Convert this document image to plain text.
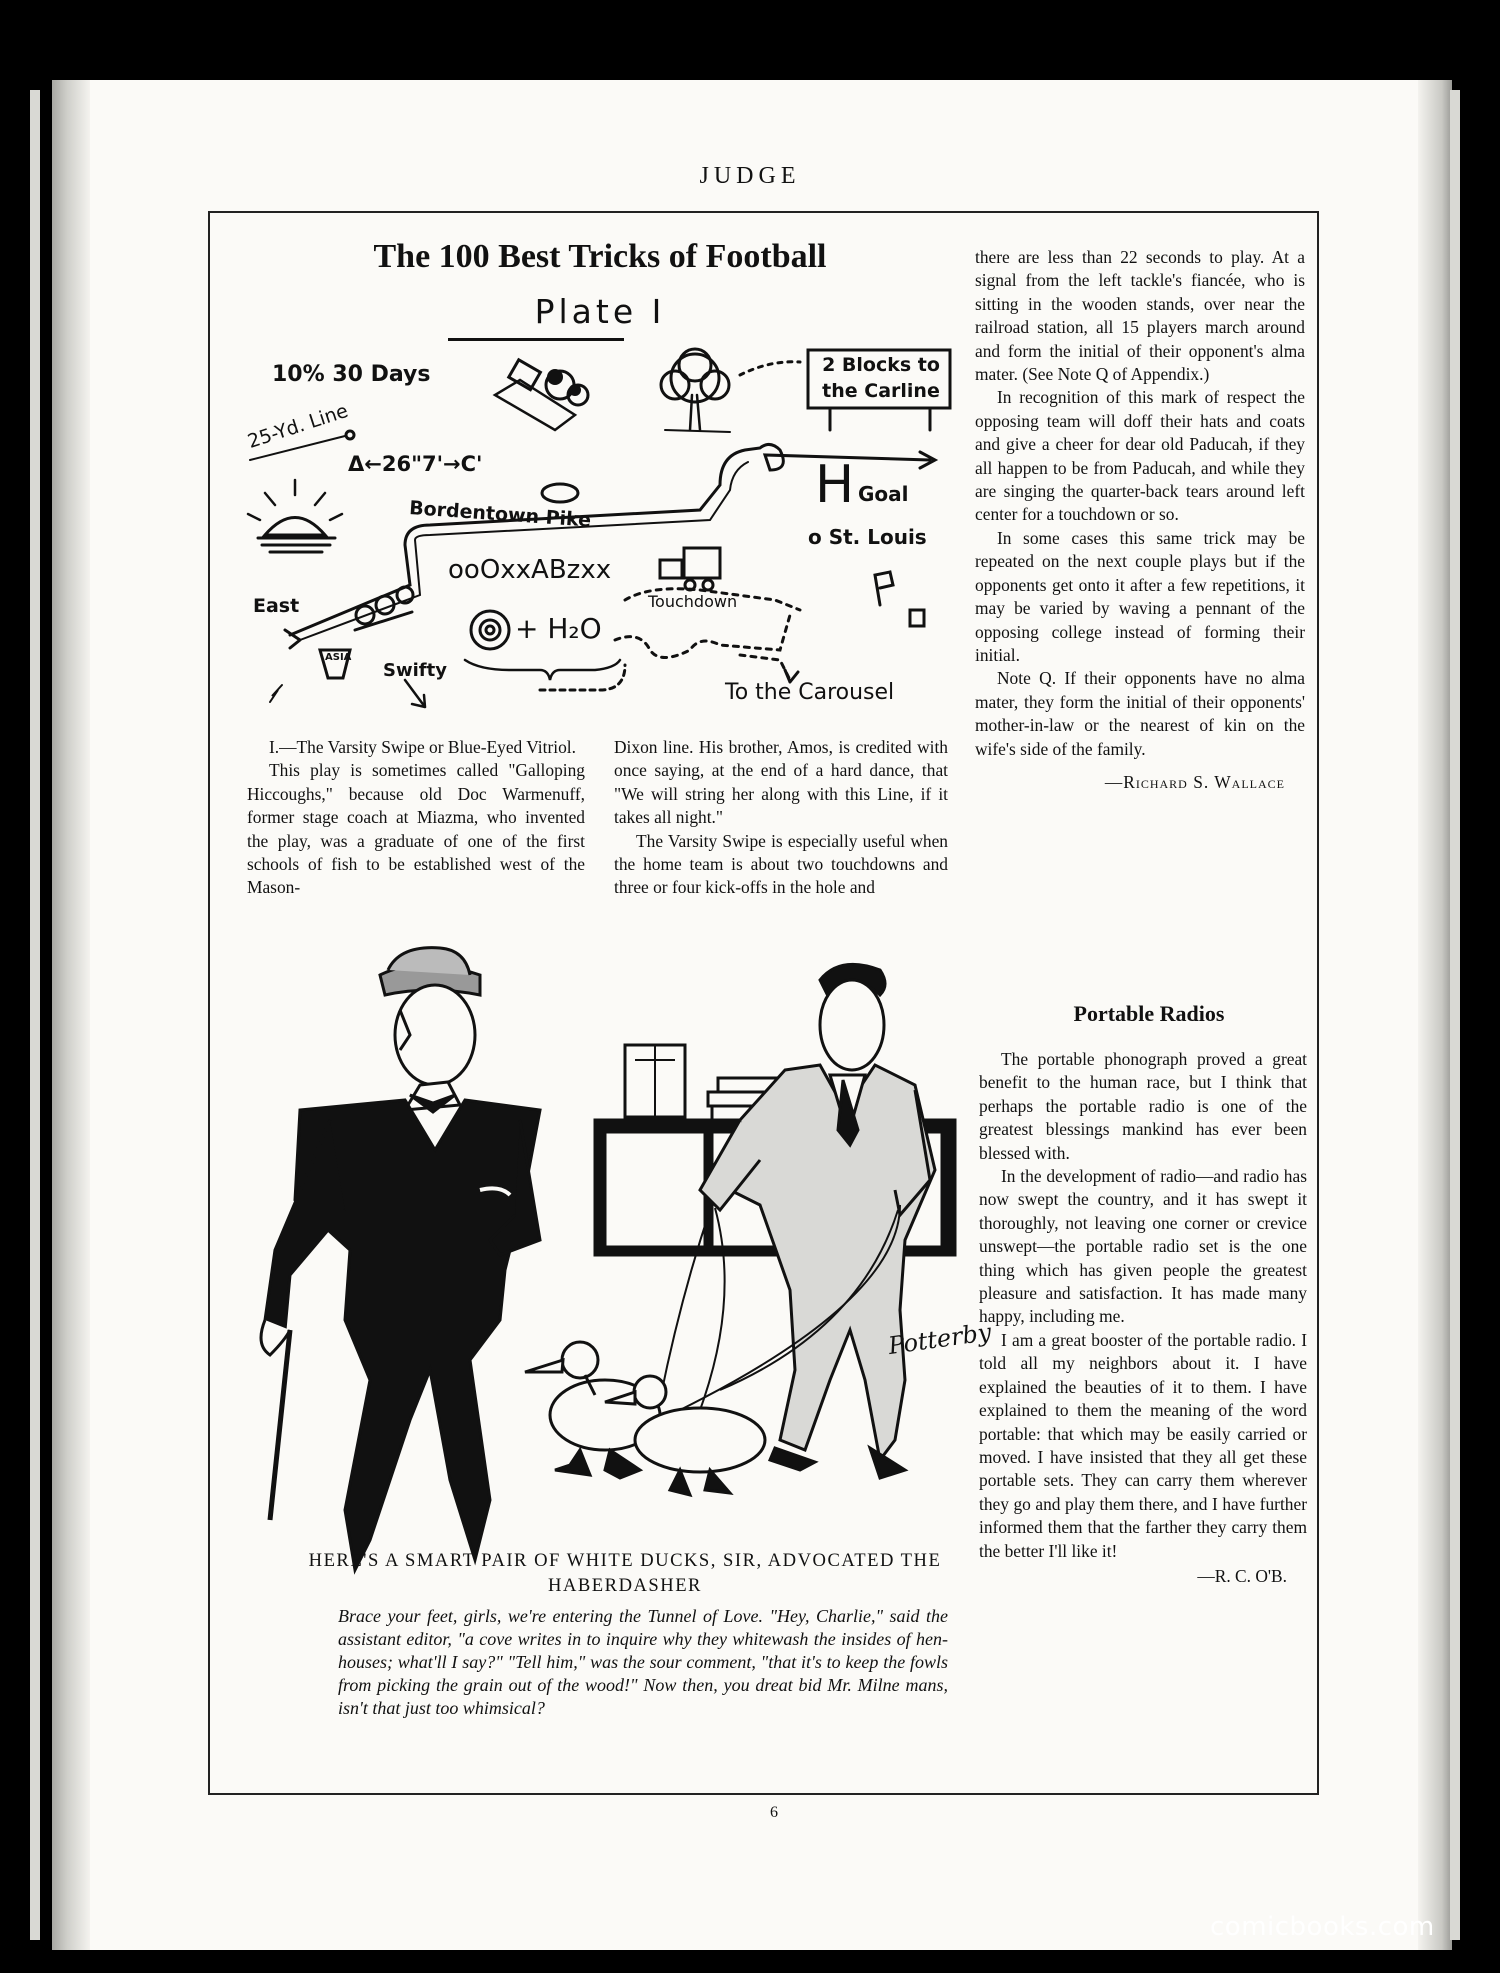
JUDGE
The 100 Best Tricks of Football
Plate I
10% 30 Days
25-Yd. Line
Δ←26"7'→C'
2 Blocks to the Carline
H Goal
o St. Louis
Bordentown Pike
ooOxxABzxx
Touchdown
East
+ H₂O
Swifty
ASIA
To the Carousel

I.—The Varsity Swipe or Blue-Eyed Vitriol.

This play is sometimes called "Galloping Hiccoughs," because old Doc Warmenuff, former stage coach at Miazma, who invented the play, was a graduate of one of the first schools of fish to be established west of the Mason-

Dixon line. His brother, Amos, is credited with once saying, at the end of a hard dance, that "We will string her along with this Line, if it takes all night."

The Varsity Swipe is especially useful when the home team is about two touchdowns and three or four kick-offs in the hole and

there are less than 22 seconds to play. At a signal from the left tackle's fiancée, who is sitting in the wooden stands, over near the railroad station, all 15 players march around and form the initial of their opponent's alma mater. (See Note Q of Appendix.)

In recognition of this mark of respect the opposing team will doff their hats and coats and give a cheer for dear old Paducah, if they all happen to be from Paducah, and while they are singing the quarter-back tears around left center for a touchdown or so.

In some cases this same trick may be repeated on the next couple plays but if the opponents get onto it after a few repetitions, it may be varied by waving a pennant of the opposing college instead of forming their initial.

Note Q. If their opponents have no alma mater, they form the initial of their opponents' mother-in-law or the nearest of kin on the wife's side of the family.

—Richard S. Wallace
Portable Radios

The portable phonograph proved a great benefit to the human race, but I think that perhaps the portable radio is one of the greatest blessings mankind has ever been blessed with.

In the development of radio—and radio has now swept the country, and it has swept it thoroughly, not leaving one corner or crevice unswept—the portable radio set is the one thing which has given people the greatest pleasure and satisfaction. It has made many happy, including me.

I am a great booster of the portable radio. I told all my neighbors about it. I have explained the beauties of it to them. I have explained to them the meaning of the word portable: that which may be easily carried or moved. I have insisted that they all get these portable sets. They can carry them wherever they go and play them there, and I have further informed them that the farther they carry them the better I'll like it!

—R. C. O'B.
Potterby
HERE'S A SMART PAIR OF WHITE DUCKS, SIR, ADVOCATED THE HABERDASHER
Brace your feet, girls, we're entering the Tunnel of Love. "Hey, Charlie," said the assistant editor, "a cove writes in to inquire why they whitewash the insides of hen-houses; what'll I say?" "Tell him," was the sour comment, "that it's to keep the fowls from picking the grain out of the wood!" Now then, you dreat bid Mr. Milne mans, isn't that just too whimsical?
6
comicbooks.com
